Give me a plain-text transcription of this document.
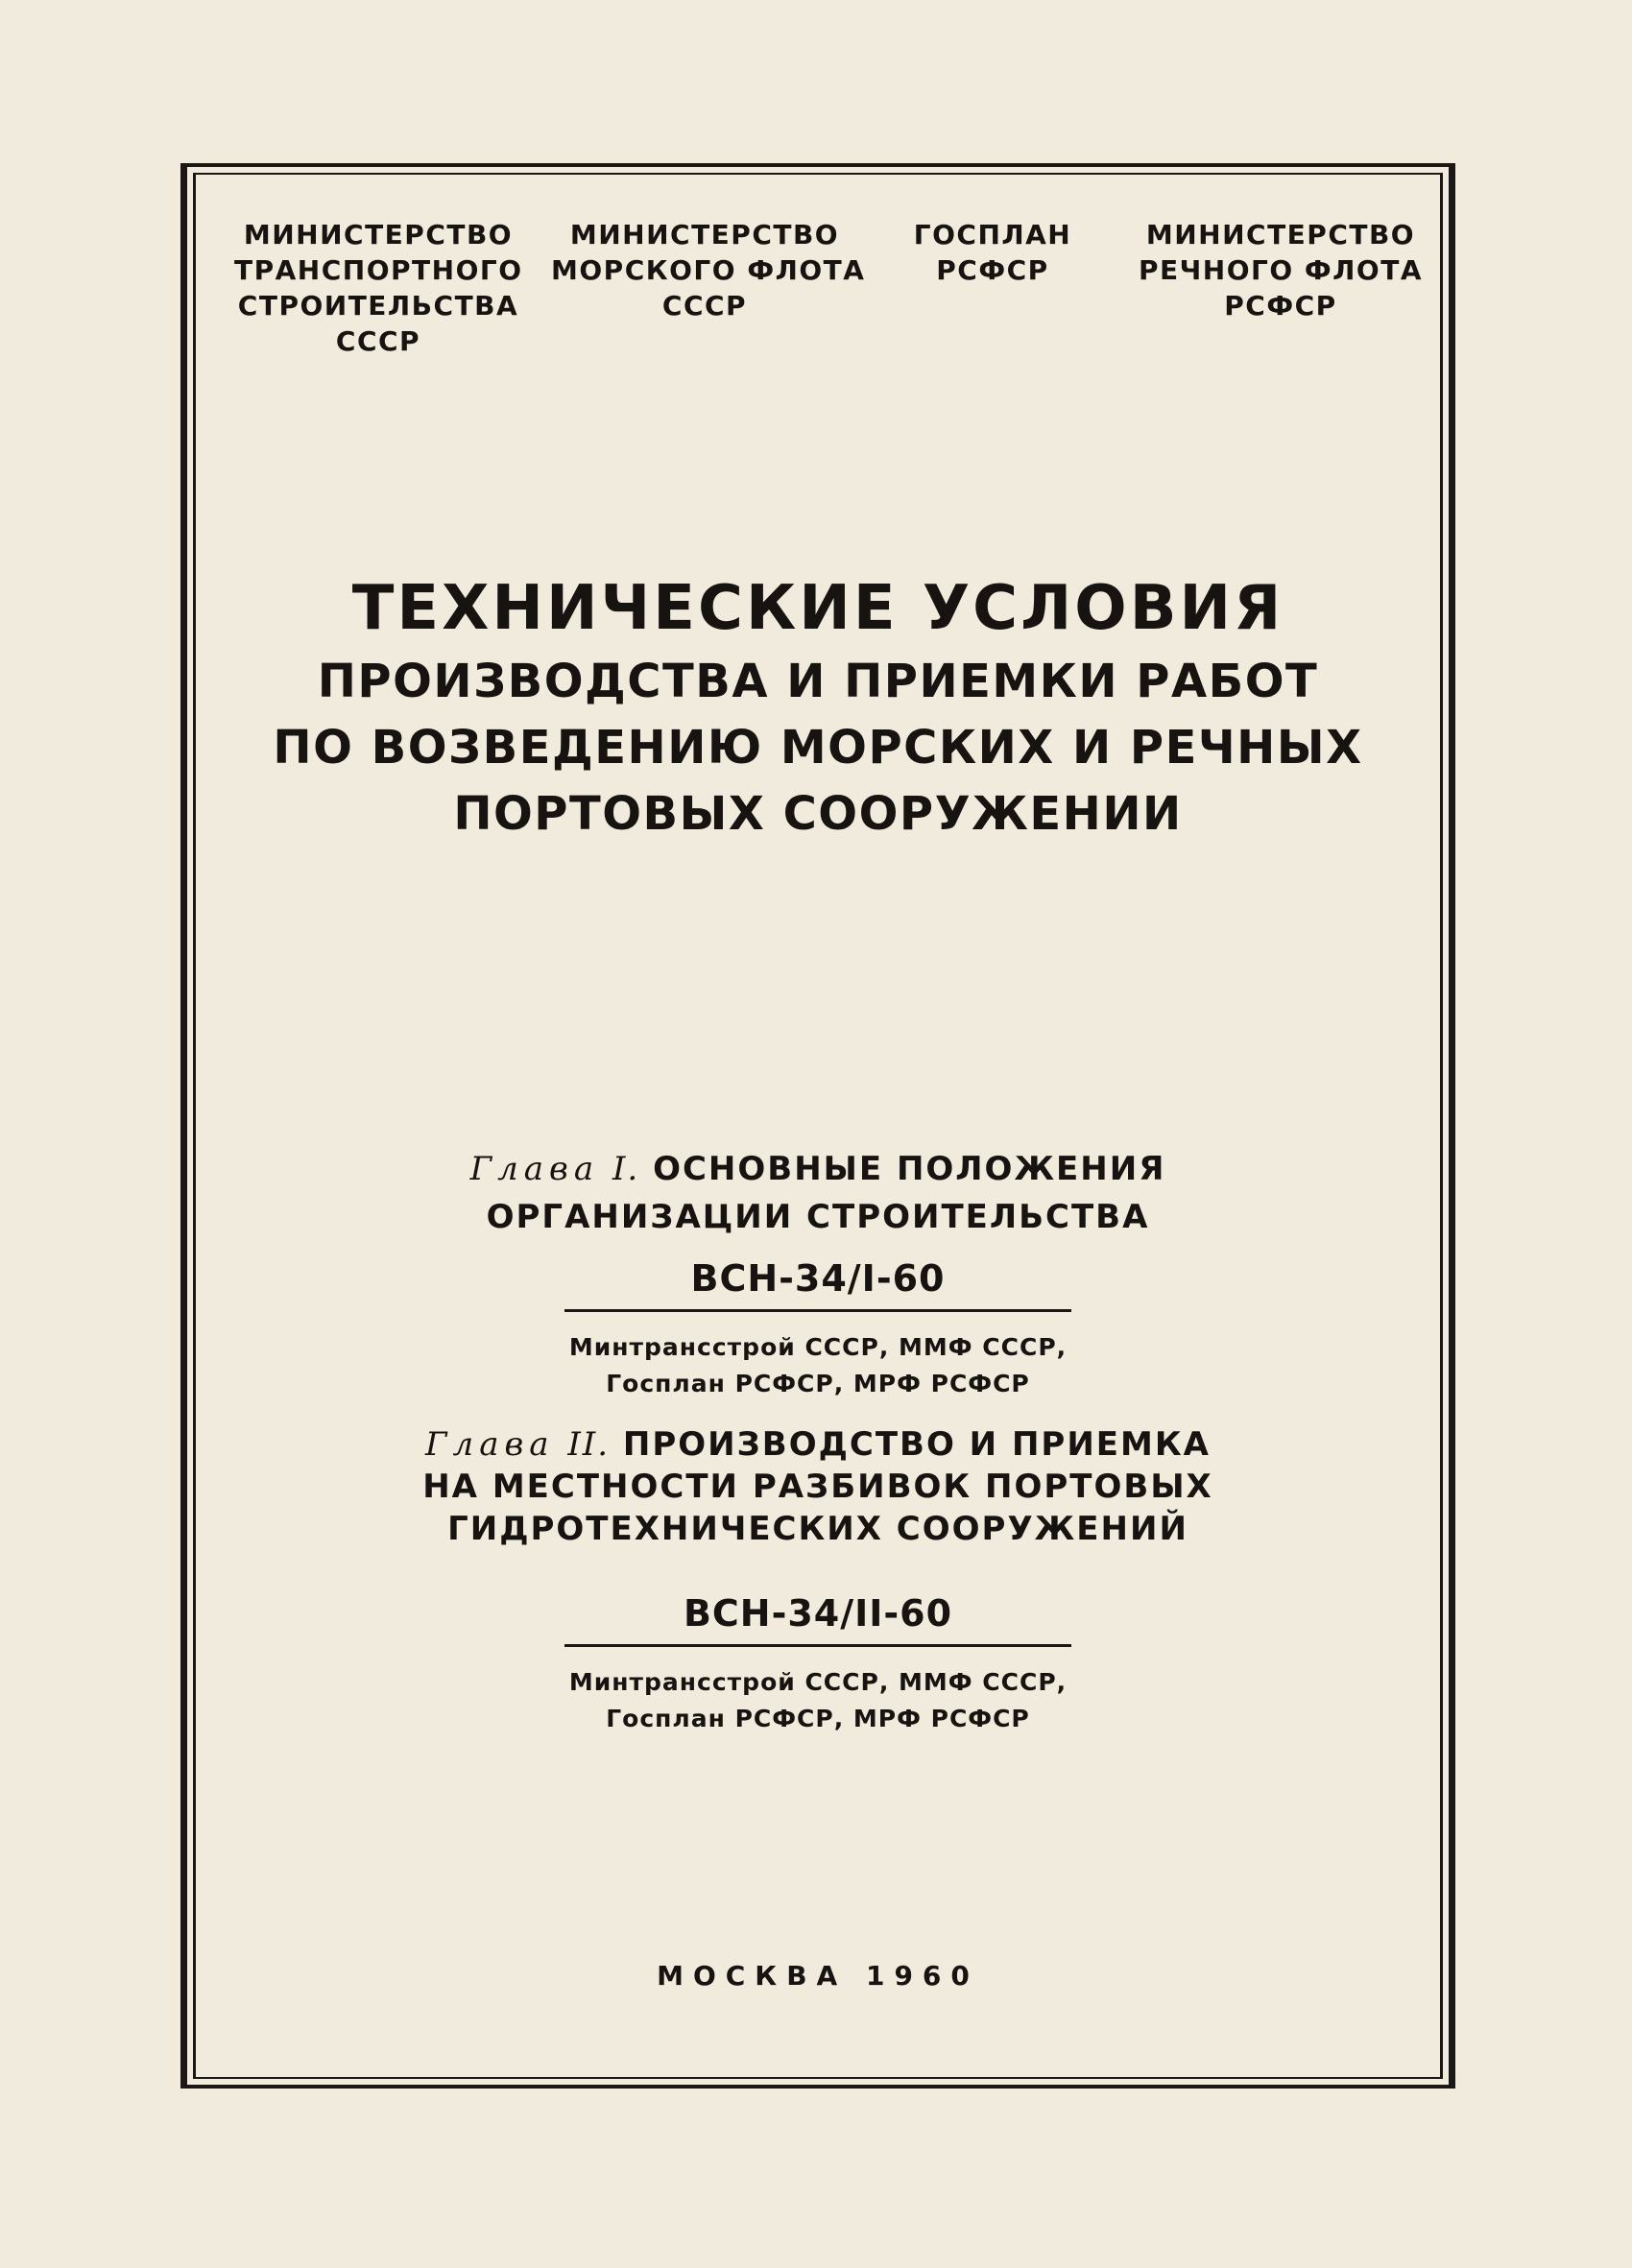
МИНИСТЕРСТВО
ТРАНСПОРТНОГО
СТРОИТЕЛЬСТВА
СССР
МИНИСТЕРСТВО
МОРСКОГО ФЛОТА
СССР
ГОСПЛАН
РСФСР
МИНИСТЕРСТВО
РЕЧНОГО ФЛОТА
РСФСР
ТЕХНИЧЕСКИЕ УСЛОВИЯ
ПРОИЗВОДСТВА И ПРИЕМКИ РАБОТ
ПО ВОЗВЕДЕНИЮ МОРСКИХ И РЕЧНЫХ
ПОРТОВЫХ СООРУЖЕНИИ
Глава I. ОСНОВНЫЕ ПОЛОЖЕНИЯ
ОРГАНИЗАЦИИ СТРОИТЕЛЬСТВА
ВСН-34/I-60
Минтрансстрой СССР, ММФ СССР,
Госплан РСФСР, МРФ РСФСР
Глава II. ПРОИЗВОДСТВО И ПРИЕМКА
НА МЕСТНОСТИ РАЗБИВОК ПОРТОВЫХ
ГИДРОТЕХНИЧЕСКИХ СООРУЖЕНИЙ
ВСН-34/II-60
Минтрансстрой СССР, ММФ СССР,
Госплан РСФСР, МРФ РСФСР
МОСКВА 1960
